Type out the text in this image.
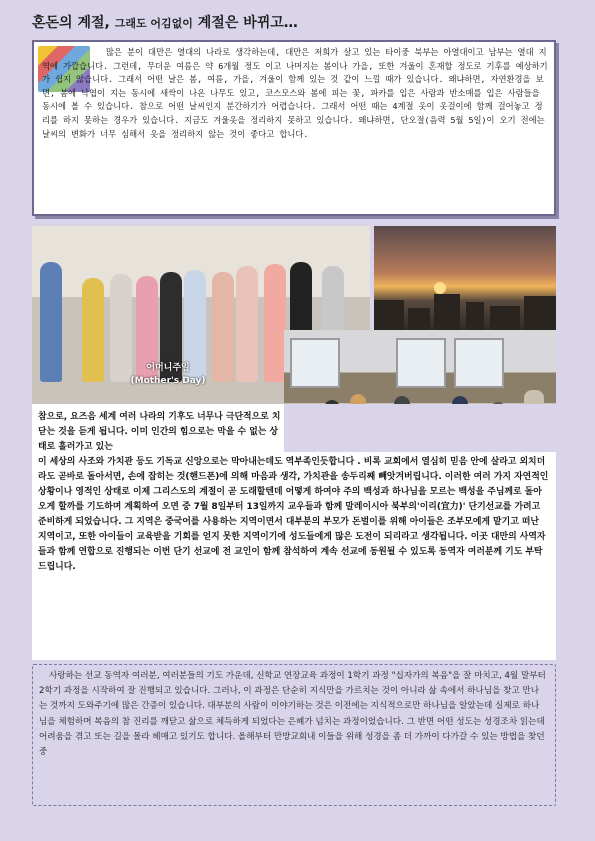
혼돈의 계절, 그래도 어김없이 계절은 바뀌고…

많은 분이 대만은 열대의 나라로 생각하는데, 대만은 저희가 살고 있는 타이중 북부는 아열대이고 남부는 열대 지역에 가깝습니다. 그런데, 무더운 여름은 약 6개월 정도 이고 나머지는 봄이나 가을, 또한 겨울이 혼재할 정도로 기후를 예상하기가 쉽지 않습니다. 그래서 어떤 날은 봄, 여름, 가을, 겨울이 함께 있는 것 같이 느낄 때가 있습니다. 왜냐하면, 자연환경을 보면, 봄에 낙엽이 지는 동시에 새싹이 나온 나무도 있고, 코스모스와 봄에 피는 꽃, 파카를 입은 사람과 반소매를 입은 사람들을 동시에 볼 수 있습니다. 참으로 어떤 날씨인지 분간하기가 어렵습니다. 그래서 어떤 때는 4계절 옷이 옷걸이에 함께 걸어놓고 정리를 하지 못하는 경우가 있습니다. 지금도 겨울옷을 정리하지 못하고 있습니다. 왜냐하면, 단오절(음력 5월 5일)이 오기 전에는 날씨의 변화가 너무 심해서 옷을 정리하지 않는 것이 좋다고 합니다.

어머니주일
(Mother's Day)

참으로, 요즈음 세계 여러 나라의 기후도 너무나 극단적으로 치닫는 것을 듣게 됩니다. 이미 인간의 힘으로는 막을 수 없는 상태로 흘러가고 있는
이 세상의 사조와 가치관 등도 기독교 신앙으로는 막아내는데도 역부족인듯합니다 . 비록 교회에서 열심히 믿음 안에 살라고 외치더라도 곧바로 돌아서면, 손에 잡히는 것(핸드폰)에 의해 마음과 생각, 가치관을 송두리째 빼앗겨버립니다. 이러한 여러 가지 자연적인 상황이나 영적인 상태로 이제 그리스도의 계절이 곧 도래할텐데 어떻게 하여야 주의 백성과 하나님을 모르는 백성을 주님께로 돌아오게 할까를 기도하며 계획하여 오면 중 7월 8일부터 13일까지 교우들과 함께 말레이시아 북부의'이리(宜力)' 단기선교를 가려고 준비하게 되었습니다. 그 지역은 중국어를 사용하는 지역이면서 대부분의 부모가 돈벌이를 위해 아이들은 조부모에게 맡기고 떠난 지역이고, 또한 아이들이 교육받을 기회를 얻지 못한 지역이기에 성도들에게 많은 도전이 되리라고 생각됩니다. 이곳 대만의 사역자들과 함께 연합으로 진행되는 이번 단기 선교에 전 교인이 함께 참석하여 계속 선교에 동원될 수 있도록 동역자 여러분께 기도 부탁드립니다.

사랑하는 선교 동역자 여러분, 여러분들의 기도 가운데, 신학교 연장교육 과정이 1학기 과정 "십자가의 복음"을 잘 마치고, 4월 말부터 2학기 과정을 시작하여 잘 진행되고 있습니다. 그러나, 이 과정은 단순히 지식만을 가르치는 것이 아니라 삶 속에서 하나님을 찾고 만나는 것까지 도와주기에 많은 간증이 있습니다. 대부분의 사람이 이야기하는 것은 이전에는 지식적으로만 하나님을 알았는데 실제로 하나님을 체험하며 복음의 참 진리를 깨닫고 삶으로 체득하게 되었다는 은혜가 넘치는 과정이었습니다. 그 반면 어떤 성도는 성경조차 읽는데 어려움을 겪고 또는 길을 몰라 헤매고 있기도 합니다. 올해부터 만방교회내 이들을 위해 성경을 좀 더 가까이 다가갈 수 있는 방법을 찾던 중
